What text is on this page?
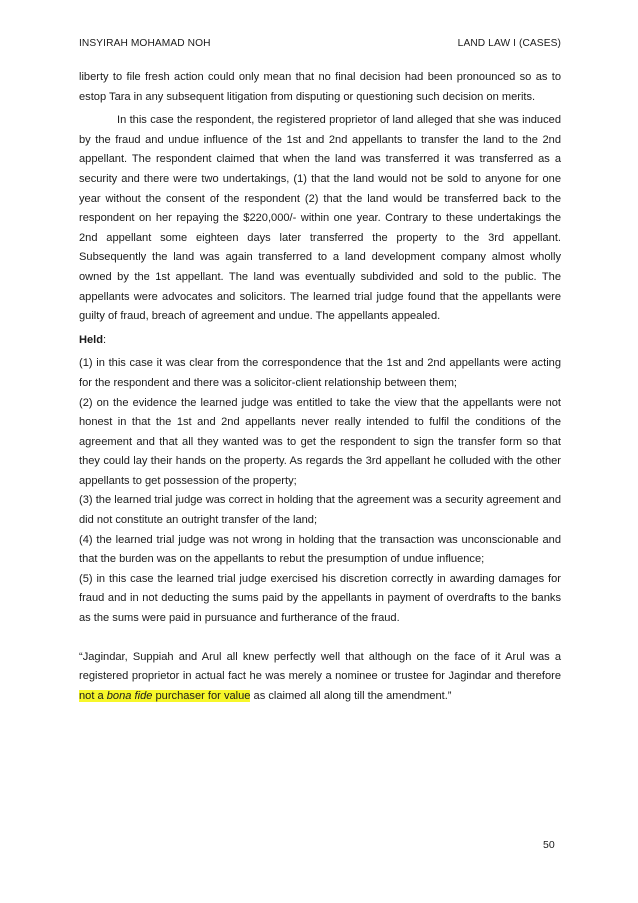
INSYIRAH MOHAMAD NOH	LAND LAW I (CASES)

liberty to file fresh action could only mean that no final decision had been pronounced so as to estop Tara in any subsequent litigation from disputing or questioning such decision on merits.

In this case the respondent, the registered proprietor of land alleged that she was induced by the fraud and undue influence of the 1st and 2nd appellants to transfer the land to the 2nd appellant. The respondent claimed that when the land was transferred it was transferred as a security and there were two undertakings, (1) that the land would not be sold to anyone for one year without the consent of the respondent (2) that the land would be transferred back to the respondent on her repaying the $220,000/- within one year. Contrary to these undertakings the 2nd appellant some eighteen days later transferred the property to the 3rd appellant. Subsequently the land was again transferred to a land development company almost wholly owned by the 1st appellant. The land was eventually subdivided and sold to the public. The appellants were advocates and solicitors. The learned trial judge found that the appellants were guilty of fraud, breach of agreement and undue. The appellants appealed.

Held:

(1) in this case it was clear from the correspondence that the 1st and 2nd appellants were acting for the respondent and there was a solicitor-client relationship between them;

(2) on the evidence the learned judge was entitled to take the view that the appellants were not honest in that the 1st and 2nd appellants never really intended to fulfil the conditions of the agreement and that all they wanted was to get the respondent to sign the transfer form so that they could lay their hands on the property. As regards the 3rd appellant he colluded with the other appellants to get possession of the property;

(3) the learned trial judge was correct in holding that the agreement was a security agreement and did not constitute an outright transfer of the land;

(4) the learned trial judge was not wrong in holding that the transaction was unconscionable and that the burden was on the appellants to rebut the presumption of undue influence;

(5) in this case the learned trial judge exercised his discretion correctly in awarding damages for fraud and in not deducting the sums paid by the appellants in payment of overdrafts to the banks as the sums were paid in pursuance and furtherance of the fraud.

“Jagindar, Suppiah and Arul all knew perfectly well that although on the face of it Arul was a registered proprietor in actual fact he was merely a nominee or trustee for Jagindar and therefore not a bona fide purchaser for value as claimed all along till the amendment.”

50
